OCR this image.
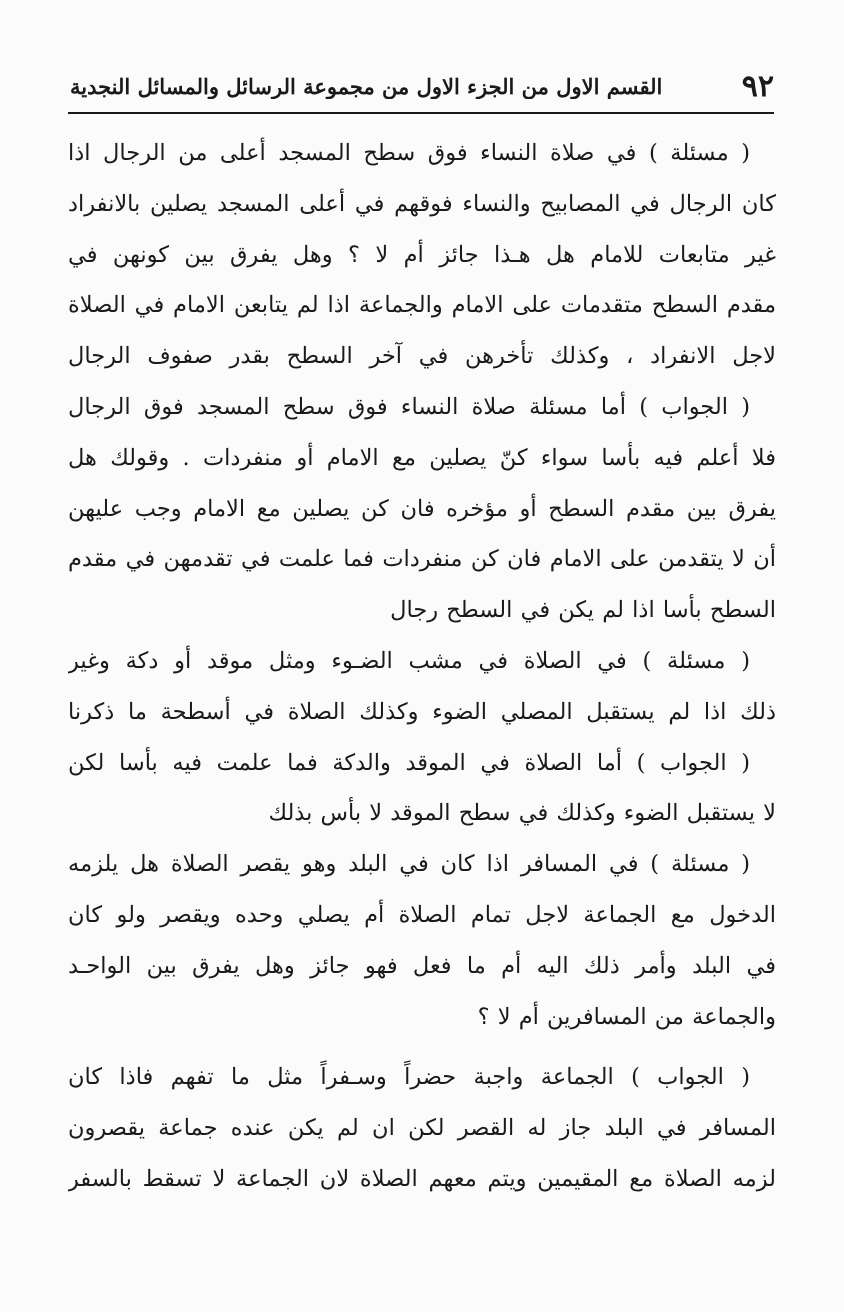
٩٢
القسم الاول من الجزء الاول من مجموعة الرسائل والمسائل النجدية
( مسئلة ) في صلاة النساء فوق سطح المسجد أعلى من الرجال اذا
كان الرجال في المصابيح والنساء فوقهم في أعلى المسجد يصلين بالانفراد
غير متابعات للامام هل هـذا جائز أم لا ؟ وهل يفرق بين كونهن في
مقدم السطح متقدمات على الامام والجماعة اذا لم يتابعن الامام في الصلاة
لاجل الانفراد ، وكذلك تأخرهن في آخر السطح بقدر صفوف الرجال
( الجواب ) أما مسئلة صلاة النساء فوق سطح المسجد فوق الرجال
فلا أعلم فيه بأسا سواء كنّ يصلين مع الامام أو منفردات . وقولك هل
يفرق بين مقدم السطح أو مؤخره فان كن يصلين مع الامام وجب عليهن
أن لا يتقدمن على الامام فان كن منفردات فما علمت في تقدمهن في مقدم
السطح بأسا اذا لم يكن في السطح رجال
( مسئلة ) في الصلاة في مشب الضـوء ومثل موقد أو دكة وغير
ذلك اذا لم يستقبل المصلي الضوء وكذلك الصلاة في أسطحة ما ذكرنا
( الجواب ) أما الصلاة في الموقد والدكة فما علمت فيه بأسا لكن
لا يستقبل الضوء وكذلك في سطح الموقد لا بأس بذلك
( مسئلة ) في المسافر اذا كان في البلد وهو يقصر الصلاة هل يلزمه
الدخول مع الجماعة لاجل تمام الصلاة أم يصلي وحده ويقصر ولو كان
في البلد وأمر ذلك اليه أم ما فعل فهو جائز وهل يفرق بين الواحـد
والجماعة من المسافرين أم لا ؟
( الجواب ) الجماعة واجبة حضراً وسـفراً مثل ما تفهم فاذا كان
المسافر في البلد جاز له القصر لكن ان لم يكن عنده جماعة يقصرون
لزمه الصلاة مع المقيمين ويتم معهم الصلاة لان الجماعة لا تسقط بالسفر
